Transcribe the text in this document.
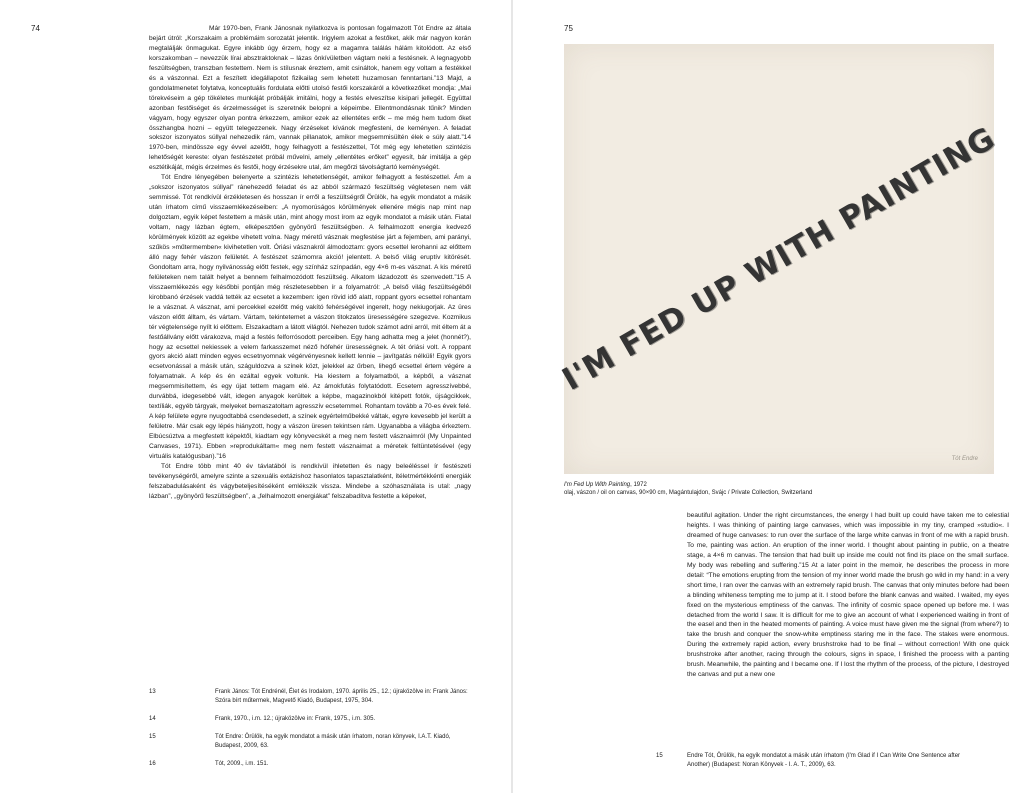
74	Már 1970-ben, Frank Jánosnak nyilatkozva is pontosan fogalmazott Tót Endre az általa bejárt útról: „Korszakaim a problémáim sorozatát jelentik. Irigylem azokat a festőket, akik már nagyon korán megtalálják önmagukat. Egyre inkább úgy érzem, hogy ez a magamra találás hálám kitolódott. Az első korszakomban – nevezzük lírai absztraktoknak – lázas önkívületben vágtam neki a festésnek. A legnagyobb feszültségben, transzban festettem. Nem is stílusnak éreztem, amit csináltok, hanem egy voltam a festékkel és a vászonnal. Ezt a feszített idegállapotot fizikailag sem lehetett huzamosan fenntartani.”13 Majd, a gondolatmenetet folytatva, konceptuális fordulata előtti utolsó festői korszakáról a következőket mondja: „Mai törekvéseim a gép tökéletes munkáját próbálják imitálni, hogy a festés elveszítse kisipari jellegét. Együttal azonban festőiséget és érzelmességet is szeretnék belopni a képeimbe. Ellentmondásnak tűnik? Minden vágyam, hogy egyszer olyan pontra érkezzem, amikor ezek az ellentétes erők – me még hem tudom őket összhangba hozni – együtt telegezzenek. Nagy érzéseket kívánok megfesteni, de keményen. A feladat sokszor iszonyatos súllyal nehezedik rám, vannak pillanatok, amikor megsemmisültén élek e súly alatt.”14 1970-ben, mindössze egy évvel azelőtt, hogy felhagyott a festészettel, Tót még egy lehetetlen szintézis lehetőségét kereste: olyan festészetet próbál művelni, amely „ellentétes erőket” egyesít, bár imitálja a gép esztétikáját, mégis érzelmes és festői, hogy érzésekre utal, ám megőrzi távolságtartó keménységét.

Tót Endre lényegében belenyerte a szintézis lehetetlenségét, amikor felhagyott a festészettel. Ám a „sokszor iszonyatos súllyal” ránehezedő feladat és az abból származó feszültség végletesen nem vált semmissé. Tót rendkívül érzékletesen és hosszan ír erről a feszültségről Örülök, ha egyik mondatot a másik után írhatom című visszaemlékezéseiben: „A nyomorúságos körülmények ellenére mégis nap mint nap dolgoztam, egyik képet festettem a másik után, mint ahogy most írom az egyik mondatot a másik után. Fiatal voltam, nagy lázban égtem, elképesztően gyönyörű feszültségben. A felhalmozott energia kedvező körülmények között az egekbe vihetett volna. Nagy méretű vásznak megfestése járt a fejemben, ami parányi, szűkös »műtermemben« kivihetetlen volt. Óriási vásznakról álmodoztam: gyors ecsettel lerohanni az előttem álló nagy fehér vászon felületét. A festészet számomra akció! jelentett. A belső világ eruptív kitörését. Gondoltam arra, hogy nyilvánosság előtt festek, egy színház színpadán, egy 4×6 m-es vásznat. A kis méretű felületeken nem talált helyet a bennem felhalmozódott feszültség. Alkatom lázadozott és szenvedett.”15 A visszaemlékezés egy későbbi pontján még részletesebben ír a folyamatról: „A belső világ feszültségéből kirobbanó érzések vaddá tették az ecsetet a kezemben: igen rövid idő alatt, roppant gyors ecsettel rohantam le a vásznat. A vásznat, ami percekkel ezelőtt még vakító fehérségével ingerelt, hogy nekiugorjak. Az üres vászon előtt álltam, és vártam. Vártam, tekintetemet a vászon titokzatos üresességére szegezve. Kozmikus tér végtelensége nyílt ki előttem. Elszakadtam a látott világtól. Nehezen tudok számot adni arról, mit éltem át a festőállvány előtt várakozva, majd a festés felforrósodott perceiben. Egy hang adhatta meg a jelet (honnét?), hogy az ecsettel nekiessek a velem farkasszemet néző hófehér üresességnek. A tét óriási volt. A roppant gyors akció alatt minden egyes ecsetnyomnak végérvényesnek kellett lennie – javítgatás nélküli! Egyik gyors ecsetvonással a másik után, száguldozva a színek közt, jelekkel az űrben, lihegő ecsettel értem végére a folyamatnak. A kép és én ezáltal egyek voltunk. Ha kiestem a folyamatból, a képből, a vásznat megsemmisítettem, és egy újat tettem magam elé. Az ámokfutás folytatódott. Ecsetem agresszívebbé, durvábbá, idegesebbé vált, idegen anyagok kerültek a képbe, magazinokból kitépett fotók, újságcikkek, textíliák, egyéb tárgyak, melyeket bemaszatoltam agresszív ecsetemmel. Rohantam tovább a 70-es évek felé. A kép felülete egyre nyugodtabbá csendesedett, a színek egyértelműbekké váltak, egyre kevesebb jel került a felületre. Már csak egy lépés hiányzott, hogy a vászon üresen tekintsen rám. Ugyanabba a világba érkeztem. Elbúcsúztva a megfestett képektől, kiadtam egy könyvecskét a meg nem festett vásznaimról (My Unpainted Canvases, 1971). Ebben »reprodukáltam« meg nem festett vásznaimat a méretek feltüntetésével (egy virtuális katalógusban).”16

Tót Endre több mint 40 év távlatából is rendkívül ihletetten és nagy beleéléssel ír festészeti tevékenységéről, amelyre szinte a szexuális extázishoz hasonlatos tapasztalatként, ítéletmértékkénti energiák felszabadulásaként és vágybeteljesítéséként emlékszik vissza. Mindebe a szóhasználata is utal: „nagy lázban”, „gyönyörű feszültségben”, a „felhalmozott energiákat” felszabadítva festette a képeket,

13	Frank János: Tót Endrénél, Élet és Irodalom, 1970. április 25., 12.; újraközölve in: Frank János: Szóra bírt műtermek, Magvető Kiadó, Budapest, 1975, 304.
14	Frank, 1970., i.m. 12.; újraközölve in: Frank, 1975., i.m. 305.
15	Tót Endre: Örülök, ha egyik mondatot a másik után írhatom, noran könyvek, I.A.T. Kiadó, Budapest, 2009, 63.
16	Tót, 2009., i.m. 151.
75
I'M FED UP WITH PAINTING
Tót Endre
I'm Fed Up With Painting, 1972
olaj, vászon / oil on canvas, 90×90 cm, Magántulajdon, Svájc / Private Collection, Switzerland

beautiful agitation. Under the right circumstances, the energy I had built up could have taken me to celestial heights. I was thinking of painting large canvases, which was impossible in my tiny, cramped »studio«. I dreamed of huge canvases: to run over the surface of the large white canvas in front of me with a rapid brush. To me, painting was action. An eruption of the inner world. I thought about painting in public, on a theatre stage, a 4×6 m canvas. The tension that had built up inside me could not find its place on the small surface. My body was rebelling and suffering.”15 At a later point in the memoir, he describes the process in more detail: “The emotions erupting from the tension of my inner world made the brush go wild in my hand: in a very short time, I ran over the canvas with an extremely rapid brush. The canvas that only minutes before had been a blinding whiteness tempting me to jump at it. I stood before the blank canvas and waited. I waited, my eyes fixed on the mysterious emptiness of the canvas. The infinity of cosmic space opened up before me. I was detached from the world I saw. It is difficult for me to give an account of what I experienced waiting in front of the easel and then in the heated moments of painting. A voice must have given me the signal (from where?) to take the brush and conquer the snow-white emptiness staring me in the face. The stakes were enormous. During the extremely rapid action, every brushstroke had to be final – without correction! With one quick brushstroke after another, racing through the colours, signs in space, I finished the process with a panting brush. Meanwhile, the painting and I became one. If I lost the rhythm of the process, of the picture, I destroyed the canvas and put a new one

15	Endre Tót, Örülök, ha egyik mondatot a másik után írhatom (I'm Glad if I Can Write One Sentence after Another) (Budapest: Noran Könyvek - I. A. T., 2009), 63.
